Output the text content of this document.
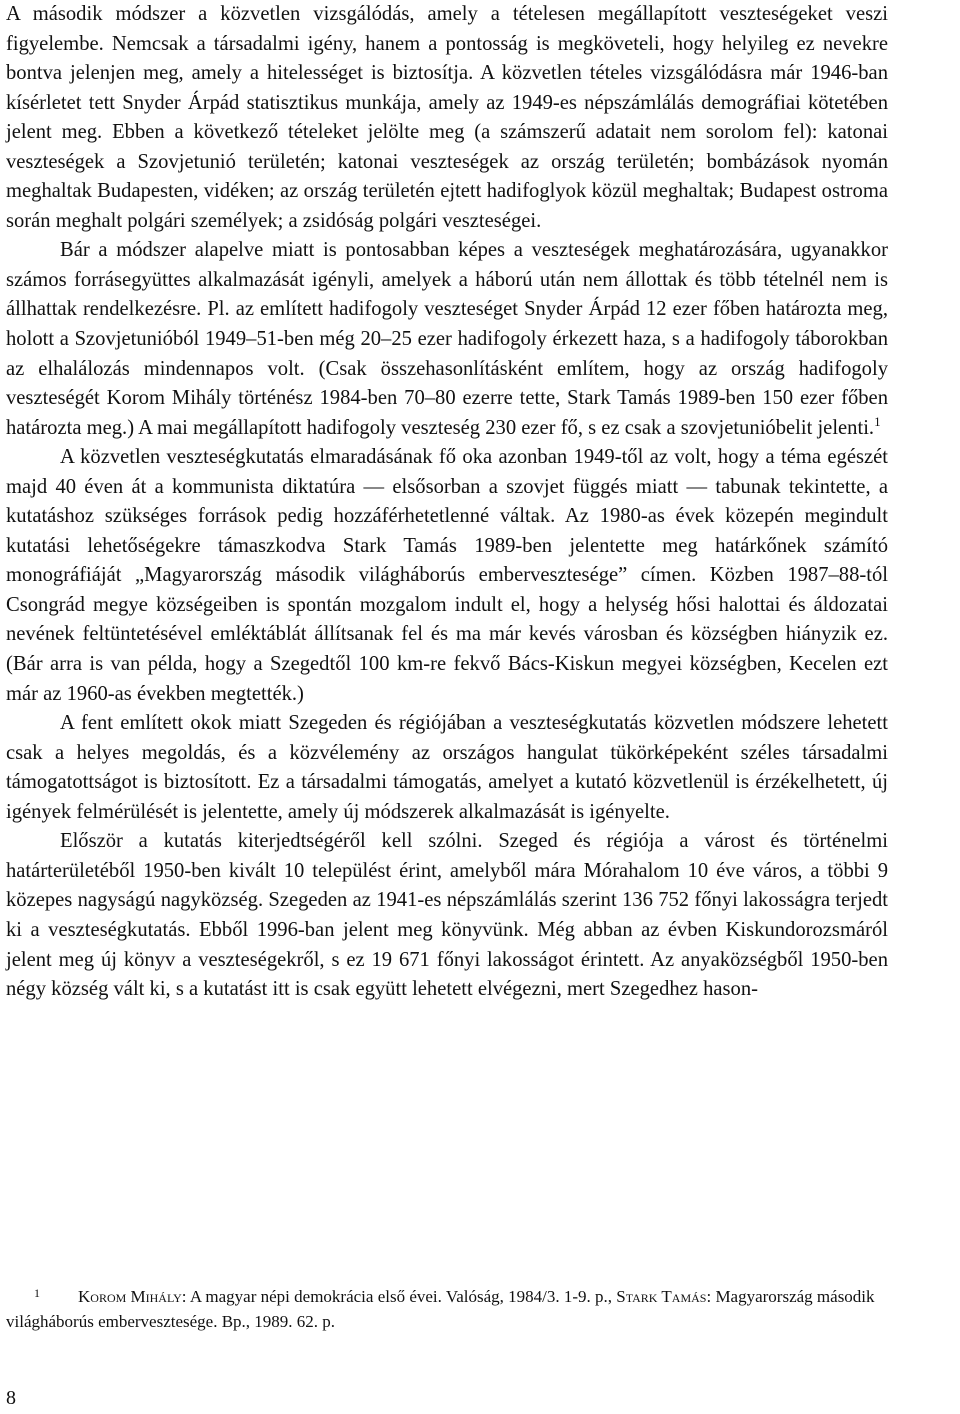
A második módszer a közvetlen vizsgálódás, amely a tételesen megállapított veszteségeket veszi figyelembe. Nemcsak a társadalmi igény, hanem a pontosság is megkövetelі, hogy helyileg ez nevekre bontva jelenjen meg, amely a hitelességet is biztosítja. A közvetlen tételes vizsgálódásra már 1946-ban kísérletet tett Snyder Árpád statisztikus munkája, amely az 1949-es népszámlálás demográfiai kötetében jelent meg. Ebben a következő tételeket jelölte meg (a számszerű adatait nem sorolom fel): katonai veszteségek a Szovjetunió területén; katonai veszteségek az ország területén; bombázások nyomán meghaltak Budapesten, vidéken; az ország területén ejtett hadifoglyok közül meghaltak; Budapest ostroma során meghalt polgári személyek; a zsidóság polgári veszteségei.

Bár a módszer alapelve miatt is pontosabban képes a veszteségek meghatározására, ugyanakkor számos forrásegyüttes alkalmazását igényli, amelyek a háború után nem állottak és több tételnél nem is állhattak rendelkezésre. Pl. az említett hadifogoly veszteséget Snyder Árpád 12 ezer főben határozta meg, holott a Szovjetunióból 1949–51-ben még 20–25 ezer hadifogoly érkezett haza, s a hadifogoly táborokban az elhalálozás mindennapos volt. (Csak összehasonlításként említem, hogy az ország hadifogoly veszteségét Korom Mihály történész 1984-ben 70–80 ezerre tette, Stark Tamás 1989-ben 150 ezer főben határozta meg.) A mai megállapított hadifogoly veszteség 230 ezer fő, s ez csak a szovjetunióbelit jelenti.$^1$

A közvetlen veszteségkutatás elmaradásának fő oka azonban 1949-től az volt, hogy a téma egészét majd 40 éven át a kommunista diktatúra — elsősorban a szovjet függés miatt — tabunak tekintette, a kutatáshoz szükséges források pedig hozzáférhetetlenné váltak. Az 1980-as évek közepén megindult kutatási lehetőségekre támaszkodva Stark Tamás 1989-ben jelentette meg határkőnek számító monográfiáját „Magyarország második világháborús embervesztesége” címen. Közben 1987–88-tól Csongrád megye községeiben is spontán mozgalom indult el, hogy a helység hősi halottai és áldozatai nevének feltüntetésével emléktáblát állítsanak fel és ma már kevés városban és községben hiányzik ez. (Bár arra is van példa, hogy a Szegedtől 100 km-re fekvő Bács-Kiskun megyei községben, Kecelen ezt már az 1960-as években megtették.)

A fent említett okok miatt Szegeden és régiójában a veszteségkutatás közvetlen módszere lehetett csak a helyes megoldás, és a közvélemény az országos hangulat tükörképeként széles társadalmi támogatottságot is biztosított. Ez a társadalmi támogatás, amelyet a kutató közvetlenül is érzékelhetett, új igények felmérülését is jelentette, amely új módszerek alkalmazását is igényelte.

Először a kutatás kiterjedtségéről kell szólni. Szeged és régiója a várost és történelmi határterületéből 1950-ben kivált 10 települést érint, amelyből mára Mórahalom 10 éve város, a többi 9 közepes nagyságú nagyközség. Szegeden az 1941-es népszámlálás szerint 136 752 főnyi lakosságra terjedt ki a veszteségkutatás. Ebből 1996-ban jelent meg könyvünk. Még abban az évben Kiskundorozsmáról jelent meg új könyv a veszteségekről, s ez 19 671 főnyi lakosságot érintett. Az anyaközségből 1950-ben négy község vált ki, s a kutatást itt is csak együtt lehetett elvégezni, mert Szegedhez hason-

1 Korom Mihály: A magyar népi demokrácia első évei. Valóság, 1984/3. 1-9. p., Stark Tamás: Magyarország második világháborús embervesztesége. Bp., 1989. 62. p.
8
